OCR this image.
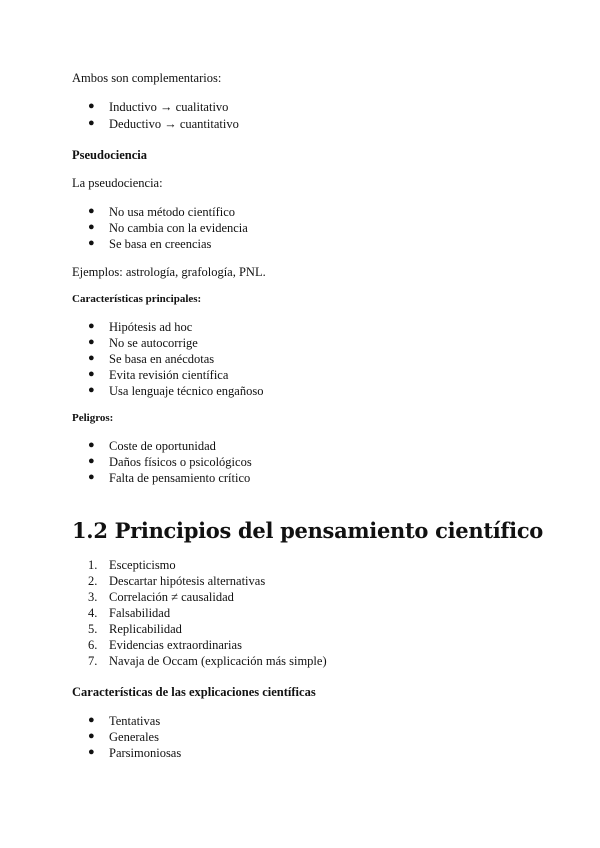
Ambos son complementarios:
● Inductivo → cualitativo
● Deductivo → cuantitativo
Pseudociencia
La pseudociencia:
● No usa método científico
● No cambia con la evidencia
● Se basa en creencias
Ejemplos: astrología, grafología, PNL.
Características principales:
● Hipótesis ad hoc
● No se autocorrige
● Se basa en anécdotas
● Evita revisión científica
● Usa lenguaje técnico engañoso
Peligros:
● Coste de oportunidad
● Daños físicos o psicológicos
● Falta de pensamiento crítico
1.2 Principios del pensamiento científico
1. Escepticismo
2. Descartar hipótesis alternativas
3. Correlación ≠ causalidad
4. Falsabilidad
5. Replicabilidad
6. Evidencias extraordinarias
7. Navaja de Occam (explicación más simple)
Características de las explicaciones científicas
● Tentativas
● Generales
● Parsimoniosas
